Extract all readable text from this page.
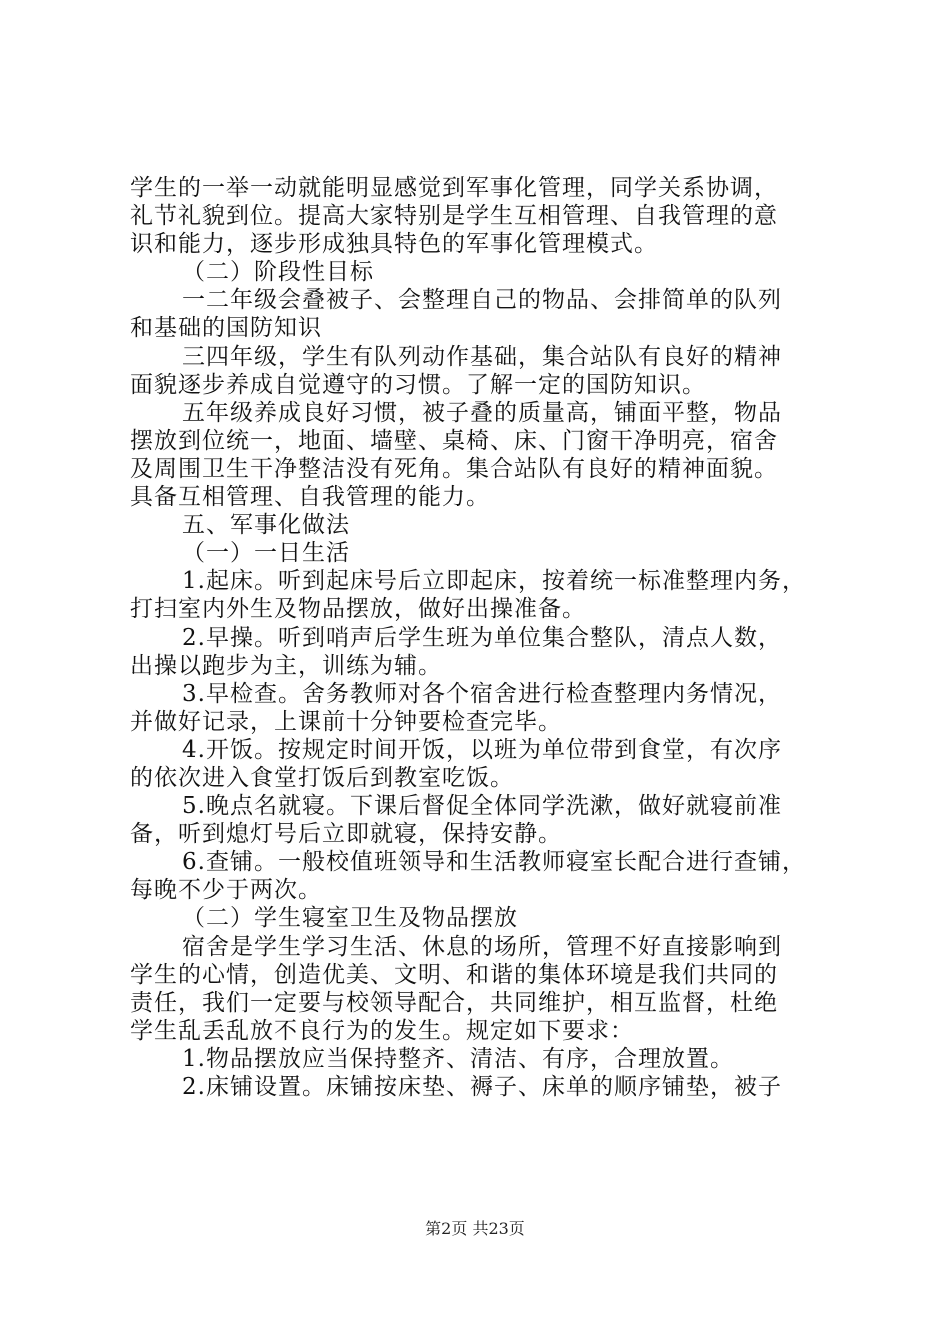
学生的一举一动就能明显感觉到军事化管理，同学关系协调，

礼节礼貌到位。提高大家特别是学生互相管理、自我管理的意

识和能力，逐步形成独具特色的军事化管理模式。

（二）阶段性目标

一二年级会叠被子、会整理自己的物品、会排简单的队列

和基础的国防知识

三四年级，学生有队列动作基础，集合站队有良好的精神

面貌逐步养成自觉遵守的习惯。了解一定的国防知识。

五年级养成良好习惯，被子叠的质量高，铺面平整，物品

摆放到位统一，地面、墙壁、桌椅、床、门窗干净明亮，宿舍

及周围卫生干净整洁没有死角。集合站队有良好的精神面貌。

具备互相管理、自我管理的能力。

五、军事化做法

（一）一日生活

1.起床。听到起床号后立即起床，按着统一标准整理内务，

打扫室内外生及物品摆放，做好出操准备。

2.早操。听到哨声后学生班为单位集合整队，清点人数，

出操以跑步为主，训练为辅。

3.早检查。舍务教师对各个宿舍进行检查整理内务情况，

并做好记录，上课前十分钟要检查完毕。

4.开饭。按规定时间开饭，以班为单位带到食堂，有次序

的依次进入食堂打饭后到教室吃饭。

5.晚点名就寝。下课后督促全体同学洗漱，做好就寝前准

备，听到熄灯号后立即就寝，保持安静。

6.查铺。一般校值班领导和生活教师寝室长配合进行查铺，

每晚不少于两次。

（二）学生寝室卫生及物品摆放

宿舍是学生学习生活、休息的场所，管理不好直接影响到

学生的心情，创造优美、文明、和谐的集体环境是我们共同的

责任，我们一定要与校领导配合，共同维护，相互监督，杜绝

学生乱丢乱放不良行为的发生。规定如下要求：

1.物品摆放应当保持整齐、清洁、有序，合理放置。

2.床铺设置。床铺按床垫、褥子、床单的顺序铺垫，被子

第2页 共23页
